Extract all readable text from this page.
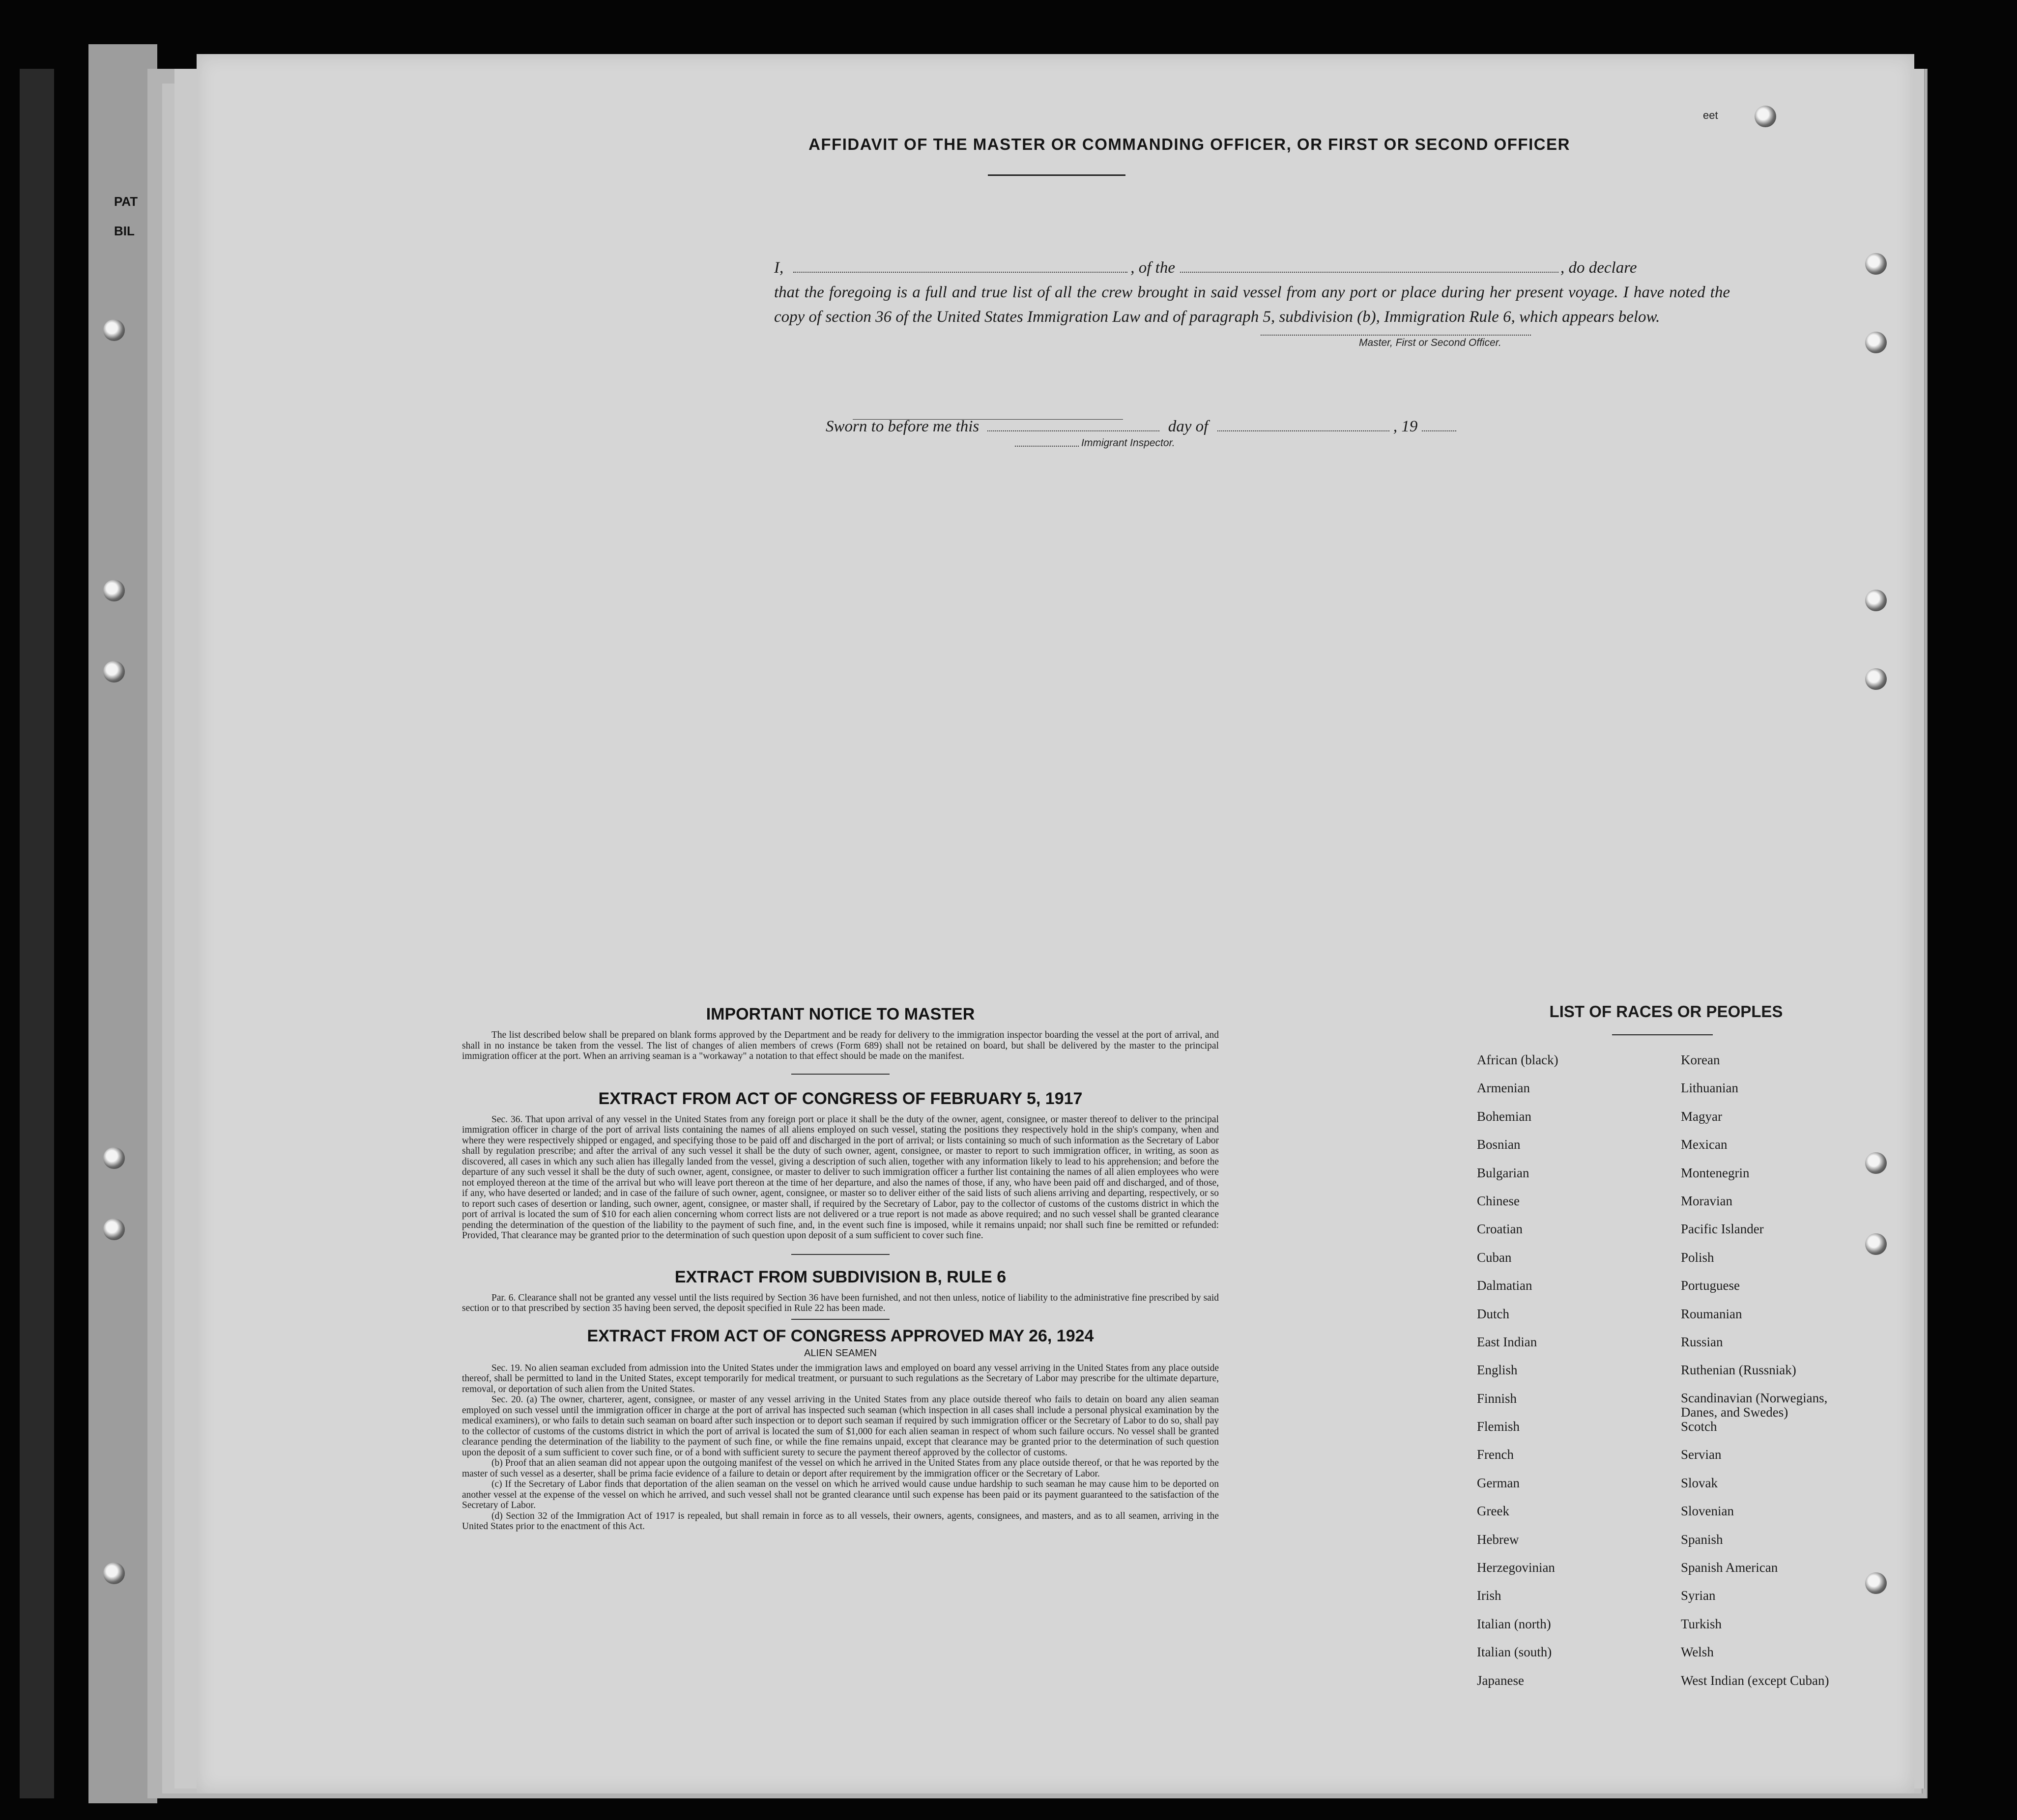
PAT
BIL
eet
AFFIDAVIT OF THE MASTER OR COMMANDING OFFICER, OR FIRST OR SECOND OFFICER
I,	, of the	, do declare
that the foregoing is a full and true list of all the crew brought in said vessel from any port or place during her present voyage. I have noted the copy of section 36 of the United States Immigration Law and of paragraph 5, subdivision (b), Immigration Rule 6, which appears below.
Master, First or Second Officer.
Sworn to before me this	day of	, 19
Immigrant Inspector.
IMPORTANT NOTICE TO MASTER
The list described below shall be prepared on blank forms approved by the Department and be ready for delivery to the immigration inspector boarding the vessel at the port of arrival, and shall in no instance be taken from the vessel. The list of changes of alien members of crews (Form 689) shall not be retained on board, but shall be delivered by the master to the principal immigration officer at the port. When an arriving seaman is a "workaway" a notation to that effect should be made on the manifest.
EXTRACT FROM ACT OF CONGRESS OF FEBRUARY 5, 1917
Sec. 36. That upon arrival of any vessel in the United States from any foreign port or place it shall be the duty of the owner, agent, consignee, or master thereof to deliver to the principal immigration officer in charge of the port of arrival lists containing the names of all aliens employed on such vessel, stating the positions they respectively hold in the ship's company, when and where they were respectively shipped or engaged, and specifying those to be paid off and discharged in the port of arrival; or lists containing so much of such information as the Secretary of Labor shall by regulation prescribe; and after the arrival of any such vessel it shall be the duty of such owner, agent, consignee, or master to report to such immigration officer, in writing, as soon as discovered, all cases in which any such alien has illegally landed from the vessel, giving a description of such alien, together with any information likely to lead to his apprehension; and before the departure of any such vessel it shall be the duty of such owner, agent, consignee, or master to deliver to such immigration officer a further list containing the names of all alien employees who were not employed thereon at the time of the arrival but who will leave port thereon at the time of her departure, and also the names of those, if any, who have been paid off and discharged, and of those, if any, who have deserted or landed; and in case of the failure of such owner, agent, consignee, or master so to deliver either of the said lists of such aliens arriving and departing, respectively, or so to report such cases of desertion or landing, such owner, agent, consignee, or master shall, if required by the Secretary of Labor, pay to the collector of customs of the customs district in which the port of arrival is located the sum of $10 for each alien concerning whom correct lists are not delivered or a true report is not made as above required; and no such vessel shall be granted clearance pending the determination of the question of the liability to the payment of such fine, and, in the event such fine is imposed, while it remains unpaid; nor shall such fine be remitted or refunded: Provided, That clearance may be granted prior to the determination of such question upon deposit of a sum sufficient to cover such fine.
EXTRACT FROM SUBDIVISION B, RULE 6
Par. 6. Clearance shall not be granted any vessel until the lists required by Section 36 have been furnished, and not then unless, notice of liability to the administrative fine prescribed by said section or to that prescribed by section 35 having been served, the deposit specified in Rule 22 has been made.
EXTRACT FROM ACT OF CONGRESS APPROVED MAY 26, 1924
ALIEN SEAMEN
Sec. 19. No alien seaman excluded from admission into the United States under the immigration laws and employed on board any vessel arriving in the United States from any place outside thereof, shall be permitted to land in the United States, except temporarily for medical treatment, or pursuant to such regulations as the Secretary of Labor may prescribe for the ultimate departure, removal, or deportation of such alien from the United States.
Sec. 20. (a) The owner, charterer, agent, consignee, or master of any vessel arriving in the United States from any place outside thereof who fails to detain on board any alien seaman employed on such vessel until the immigration officer in charge at the port of arrival has inspected such seaman (which inspection in all cases shall include a personal physical examination by the medical examiners), or who fails to detain such seaman on board after such inspection or to deport such seaman if required by such immigration officer or the Secretary of Labor to do so, shall pay to the collector of customs of the customs district in which the port of arrival is located the sum of $1,000 for each alien seaman in respect of whom such failure occurs. No vessel shall be granted clearance pending the determination of the liability to the payment of such fine, or while the fine remains unpaid, except that clearance may be granted prior to the determination of such question upon the deposit of a sum sufficient to cover such fine, or of a bond with sufficient surety to secure the payment thereof approved by the collector of customs.
(b) Proof that an alien seaman did not appear upon the outgoing manifest of the vessel on which he arrived in the United States from any place outside thereof, or that he was reported by the master of such vessel as a deserter, shall be prima facie evidence of a failure to detain or deport after requirement by the immigration officer or the Secretary of Labor.
(c) If the Secretary of Labor finds that deportation of the alien seaman on the vessel on which he arrived would cause undue hardship to such seaman he may cause him to be deported on another vessel at the expense of the vessel on which he arrived, and such vessel shall not be granted clearance until such expense has been paid or its payment guaranteed to the satisfaction of the Secretary of Labor.
(d) Section 32 of the Immigration Act of 1917 is repealed, but shall remain in force as to all vessels, their owners, agents, consignees, and masters, and as to all seamen, arriving in the United States prior to the enactment of this Act.
LIST OF RACES OR PEOPLES
African (black)
Armenian
Bohemian
Bosnian
Bulgarian
Chinese
Croatian
Cuban
Dalmatian
Dutch
East Indian
English
Finnish
Flemish
French
German
Greek
Hebrew
Herzegovinian
Irish
Italian (north)
Italian (south)
Japanese
Korean
Lithuanian
Magyar
Mexican
Montenegrin
Moravian
Pacific Islander
Polish
Portuguese
Roumanian
Russian
Ruthenian (Russniak)
Scandinavian (Norwegians, Danes, and Swedes)
Scotch
Servian
Slovak
Slovenian
Spanish
Spanish American
Syrian
Turkish
Welsh
West Indian (except Cuban)
